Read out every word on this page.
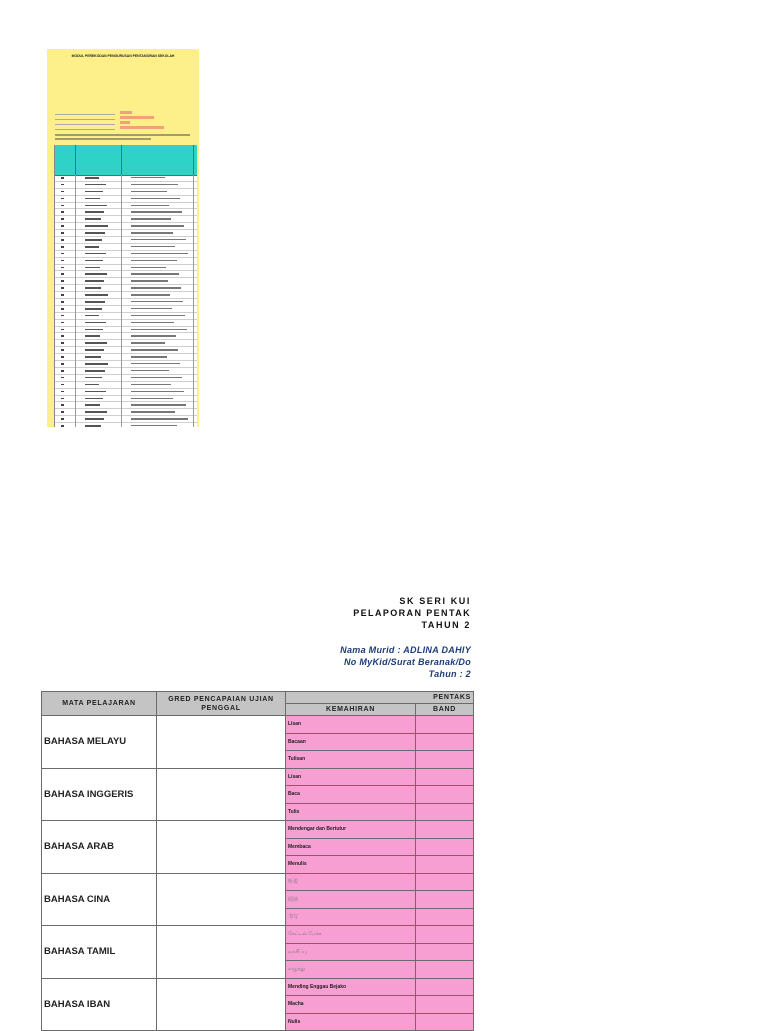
MODUL PEREKODAN PENGURUSAN PENTAKSIRAN SEKOLAH
SK SERI KUI
PELAPORAN PENTAK
TAHUN 2
Nama Murid : ADLINA DAHIY
No MyKid/Surat Beranak/Do
Tahun : 2
MATA PELAJARAN	GRED PENCAPAIAN UJIAN PENGGAL	PENTAKS	
		KEMAHIRAN	BAND
BAHASA MELAYU		Lisan	
		Bacaan	
		Tulisan	
BAHASA INGGERIS		Lisan	
		Baca	
		Tulis	
BAHASA ARAB		Mendengar dan Bertutur	
		Membaca	
		Menulis	
BAHASA CINA		听说	
		阅读	
		书写	
BAHASA TAMIL		கேட்டல் பேச்சு	
		வாசிப்பு	
		எழுத்து	
BAHASA IBAN		Mending Enggau Bejako	
		Macha	
		Nulis	
